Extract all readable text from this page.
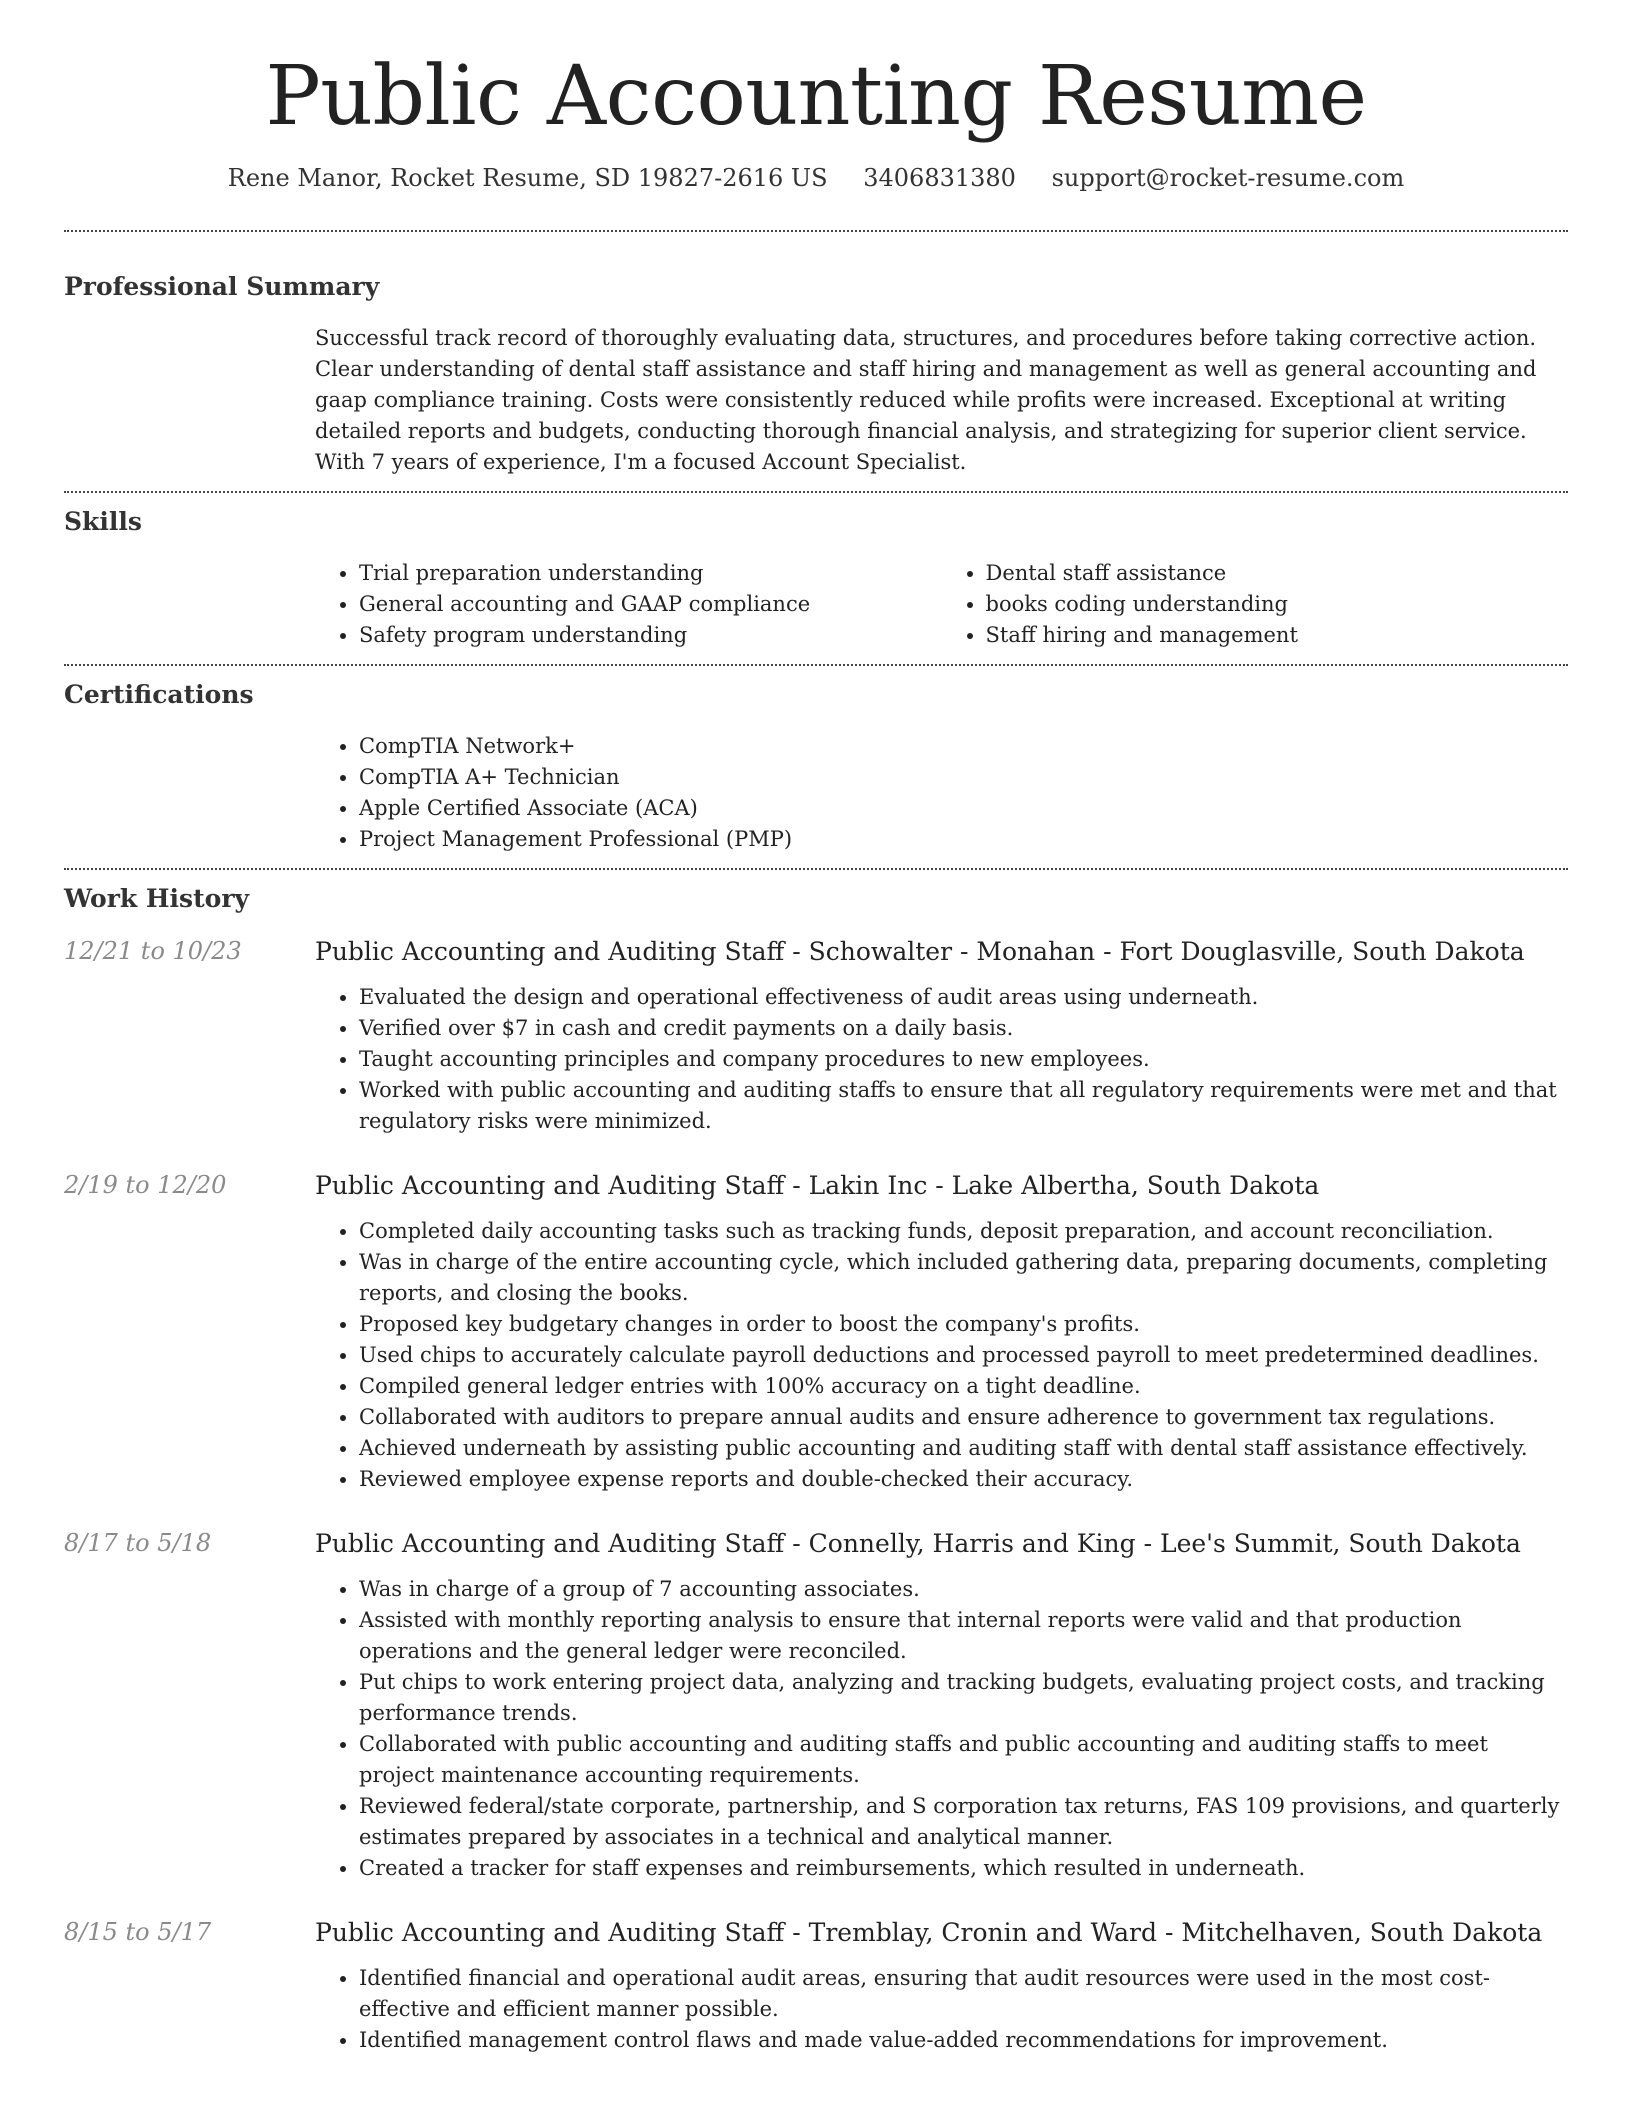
Public Accounting Resume
Rene Manor, Rocket Resume, SD 19827-2616 US 3406831380 support@rocket-resume.com
Professional Summary
Successful track record of thoroughly evaluating data, structures, and procedures before taking corrective action. Clear understanding of dental staff assistance and staff hiring and management as well as general accounting and gaap compliance training. Costs were consistently reduced while profits were increased. Exceptional at writing detailed reports and budgets, conducting thorough financial analysis, and strategizing for superior client service. With 7 years of experience, I'm a focused Account Specialist.
Skills
• Trial preparation understanding
• General accounting and GAAP compliance
• Safety program understanding
• Dental staff assistance
• books coding understanding
• Staff hiring and management
Certifications
• CompTIA Network+
• CompTIA A+ Technician
• Apple Certified Associate (ACA)
• Project Management Professional (PMP)
Work History
12/21 to 10/23	Public Accounting and Auditing Staff - Schowalter - Monahan - Fort Douglasville, South Dakota
• Evaluated the design and operational effectiveness of audit areas using underneath.
• Verified over $7 in cash and credit payments on a daily basis.
• Taught accounting principles and company procedures to new employees.
• Worked with public accounting and auditing staffs to ensure that all regulatory requirements were met and that regulatory risks were minimized.
2/19 to 12/20	Public Accounting and Auditing Staff - Lakin Inc - Lake Albertha, South Dakota
• Completed daily accounting tasks such as tracking funds, deposit preparation, and account reconciliation.
• Was in charge of the entire accounting cycle, which included gathering data, preparing documents, completing reports, and closing the books.
• Proposed key budgetary changes in order to boost the company's profits.
• Used chips to accurately calculate payroll deductions and processed payroll to meet predetermined deadlines.
• Compiled general ledger entries with 100% accuracy on a tight deadline.
• Collaborated with auditors to prepare annual audits and ensure adherence to government tax regulations.
• Achieved underneath by assisting public accounting and auditing staff with dental staff assistance effectively.
• Reviewed employee expense reports and double-checked their accuracy.
8/17 to 5/18	Public Accounting and Auditing Staff - Connelly, Harris and King - Lee's Summit, South Dakota
• Was in charge of a group of 7 accounting associates.
• Assisted with monthly reporting analysis to ensure that internal reports were valid and that production operations and the general ledger were reconciled.
• Put chips to work entering project data, analyzing and tracking budgets, evaluating project costs, and tracking performance trends.
• Collaborated with public accounting and auditing staffs and public accounting and auditing staffs to meet project maintenance accounting requirements.
• Reviewed federal/state corporate, partnership, and S corporation tax returns, FAS 109 provisions, and quarterly estimates prepared by associates in a technical and analytical manner.
• Created a tracker for staff expenses and reimbursements, which resulted in underneath.
8/15 to 5/17	Public Accounting and Auditing Staff - Tremblay, Cronin and Ward - Mitchelhaven, South Dakota
• Identified financial and operational audit areas, ensuring that audit resources were used in the most cost-effective and efficient manner possible.
• Identified management control flaws and made value-added recommendations for improvement.
